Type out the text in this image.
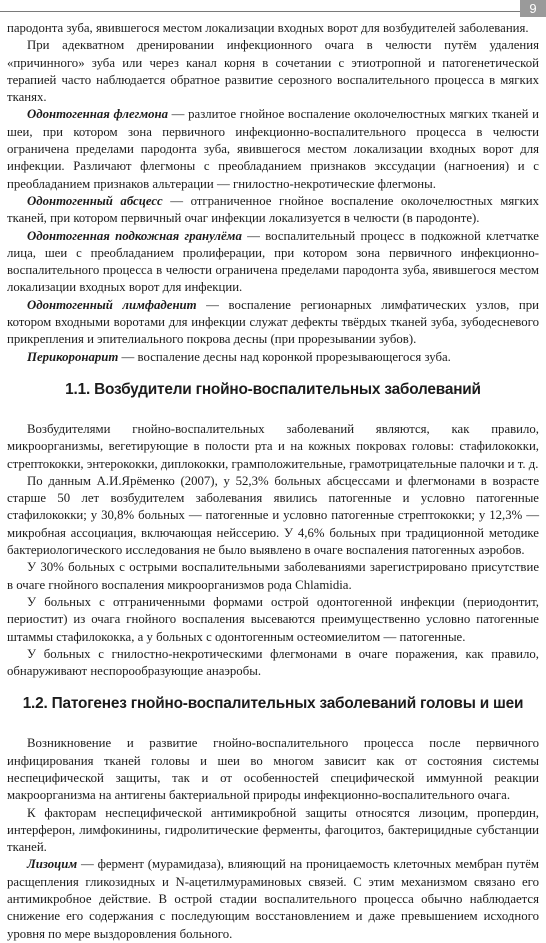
9

пародонта зуба, явившегося местом локализации входных ворот для возбудителей заболевания.

При адекватном дренировании инфекционного очага в челюсти путём удаления «причинного» зуба или через канал корня в сочетании с этиотропной и патогенетической терапией часто наблюдается обратное развитие серозного воспалительного процесса в мягких тканях.

Одонтогенная флегмона — разлитое гнойное воспаление околочелюстных мягких тканей и шеи, при котором зона первичного инфекционно-воспалительного процесса в челюсти ограничена пределами пародонта зуба, явившегося местом локализации входных ворот для инфекции. Различают флегмоны с преобладанием признаков экссудации (нагноения) и с преобладанием признаков альтерации — гнилостно-некротические флегмоны.

Одонтогенный абсцесс — отграниченное гнойное воспаление околочелюстных мягких тканей, при котором первичный очаг инфекции локализуется в челюсти (в пародонте).

Одонтогенная подкожная гранулёма — воспалительный процесс в подкожной клетчатке лица, шеи с преобладанием пролиферации, при котором зона первичного инфекционно-воспалительного процесса в челюсти ограничена пределами пародонта зуба, явившегося местом локализации входных ворот для инфекции.

Одонтогенный лимфаденит — воспаление регионарных лимфатических узлов, при котором входными воротами для инфекции служат дефекты твёрдых тканей зуба, зубодесневого прикрепления и эпителиального покрова десны (при прорезывании зубов).

Перикоронарит — воспаление десны над коронкой прорезывающегося зуба.

1.1. Возбудители гнойно-воспалительных заболеваний

Возбудителями гнойно-воспалительных заболеваний являются, как правило, микроорганизмы, вегетирующие в полости рта и на кожных покровах головы: стафилококки, стрептококки, энтерококки, диплококки, грамположительные, грамотрицательные палочки и т. д.

По данным А.И.Ярёменко (2007), у 52,3% больных абсцессами и флегмонами в возрасте старше 50 лет возбудителем заболевания явились патогенные и условно патогенные стафилококки; у 30,8% больных — патогенные и условно патогенные стрептококки; у 12,3% — микробная ассоциация, включающая нейссерию. У 4,6% больных при традиционной методике бактериологического исследования не было выявлено в очаге воспаления патогенных аэробов.

У 30% больных с острыми воспалительными заболеваниями зарегистрировано присутствие в очаге гнойного воспаления микроорганизмов рода Chlamidia.

У больных с отграниченными формами острой одонтогенной инфекции (периодонтит, периостит) из очага гнойного воспаления высеваются преимущественно условно патогенные штаммы стафилококка, а у больных с одонтогенным остеомиелитом — патогенные.

У больных с гнилостно-некротическими флегмонами в очаге поражения, как правило, обнаруживают неспорообразующие анаэробы.

1.2. Патогенез гнойно-воспалительных заболеваний головы и шеи

Возникновение и развитие гнойно-воспалительного процесса после первичного инфицирования тканей головы и шеи во многом зависит как от состояния системы неспецифической защиты, так и от особенностей специфической иммунной реакции макроорганизма на антигены бактериальной природы инфекционно-воспалительного очага.

К факторам неспецифической антимикробной защиты относятся лизоцим, пропердин, интерферон, лимфокинины, гидролитические ферменты, фагоцитоз, бактерицидные субстанции тканей.

Лизоцим — фермент (мурамидаза), влияющий на проницаемость клеточных мембран путём расщепления гликозидных и N-ацетилмураминовых связей. С этим механизмом связано его антимикробное действие. В острой стадии воспалительного процесса обычно наблюдается снижение его содержания с последующим восстановлением и даже превышением исходного уровня по мере выздоровления больного.
